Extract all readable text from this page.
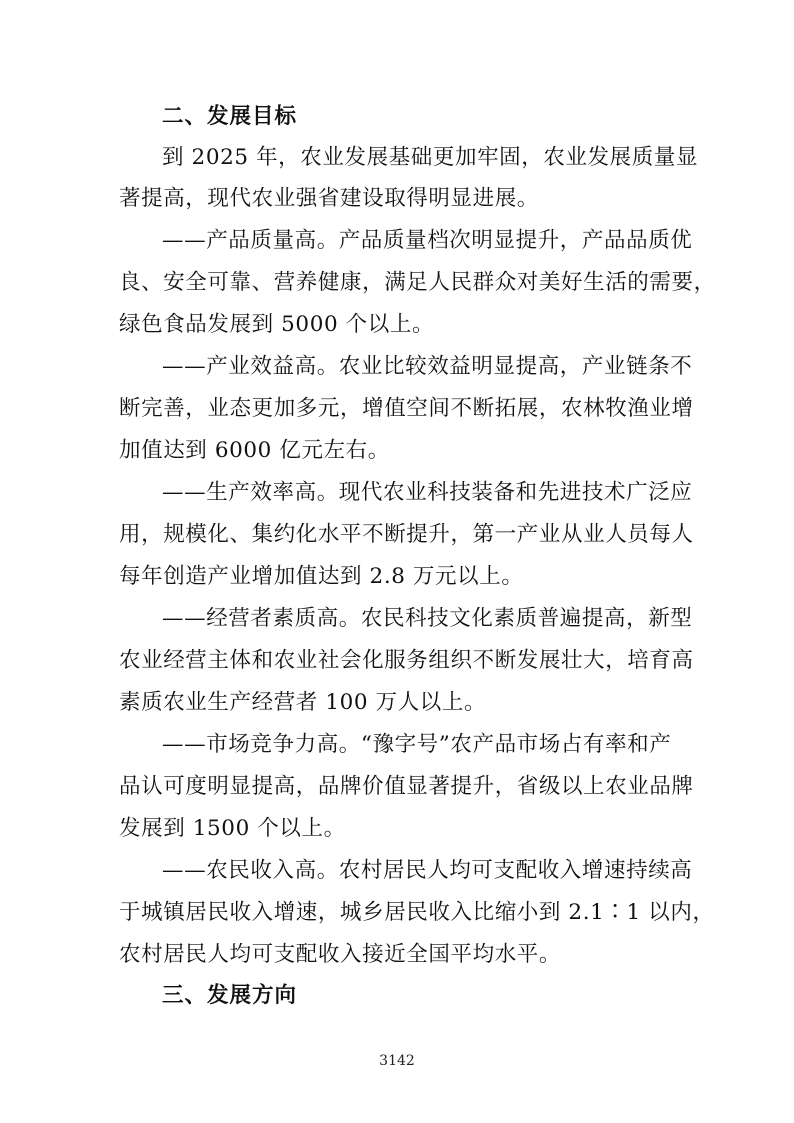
二、发展目标
到 2025 年，农业发展基础更加牢固，农业发展质量显
著提高，现代农业强省建设取得明显进展。
——产品质量高。产品质量档次明显提升，产品品质优
良、安全可靠、营养健康，满足人民群众对美好生活的需要，
绿色食品发展到 5000 个以上。
——产业效益高。农业比较效益明显提高，产业链条不
断完善，业态更加多元，增值空间不断拓展，农林牧渔业增
加值达到 6000 亿元左右。
——生产效率高。现代农业科技装备和先进技术广泛应
用，规模化、集约化水平不断提升，第一产业从业人员每人
每年创造产业增加值达到 2.8 万元以上。
——经营者素质高。农民科技文化素质普遍提高，新型
农业经营主体和农业社会化服务组织不断发展壮大，培育高
素质农业生产经营者 100 万人以上。
——市场竞争力高。“豫字号”农产品市场占有率和产
品认可度明显提高，品牌价值显著提升，省级以上农业品牌
发展到 1500 个以上。
——农民收入高。农村居民人均可支配收入增速持续高
于城镇居民收入增速，城乡居民收入比缩小到 2.1∶1 以内，
农村居民人均可支配收入接近全国平均水平。
三、发展方向
3142
